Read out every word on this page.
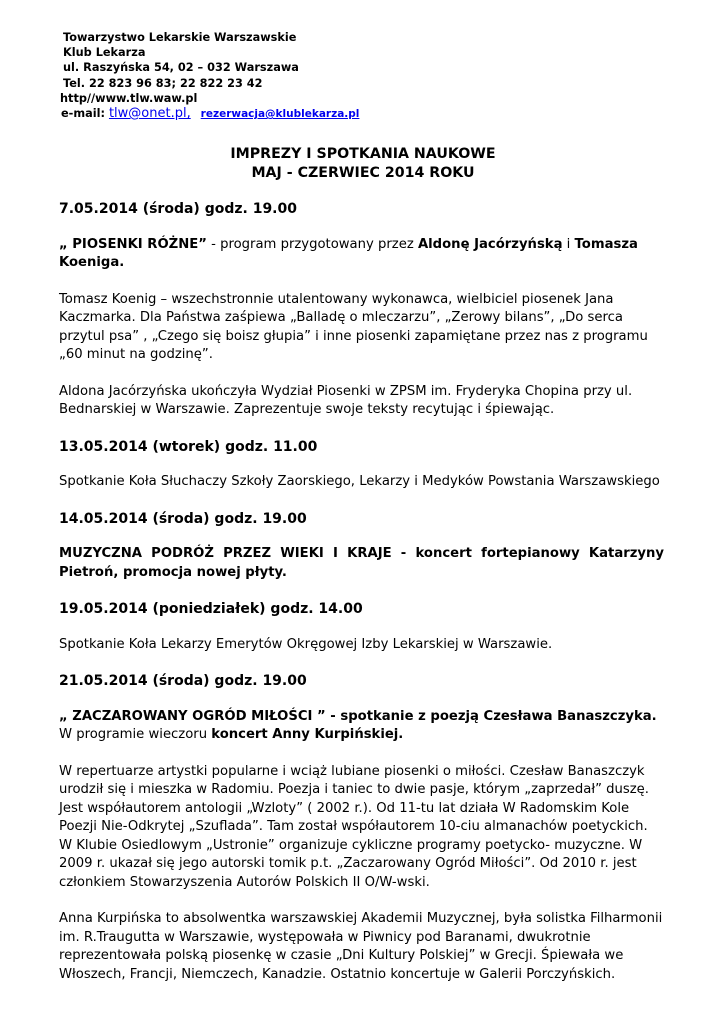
Towarzystwo Lekarskie Warszawskie
Klub Lekarza
ul. Raszyńska 54, 02 – 032 Warszawa
Tel. 22 823 96 83; 22 822 23 42
http//www.tlw.waw.pl
e-mail: tlw@onet.pl, rezerwacja@klublekarza.pl
IMPREZY I SPOTKANIA NAUKOWE
MAJ - CZERWIEC 2014 ROKU

7.05.2014 (środa) godz. 19.00

„ PIOSENKI RÓŻNE” - program przygotowany przez Aldonę Jacórzyńską i Tomasza Koeniga.

Tomasz Koenig – wszechstronnie utalentowany wykonawca, wielbiciel piosenek Jana Kaczmarka. Dla Państwa zaśpiewa „Balladę o mleczarzu”, „Zerowy bilans”, „Do serca przytul psa” , „Czego się boisz głupia” i inne piosenki zapamiętane przez nas z programu „60 minut na godzinę”.

Aldona Jacórzyńska ukończyła Wydział Piosenki w ZPSM im. Fryderyka Chopina przy ul. Bednarskiej w Warszawie. Zaprezentuje swoje teksty recytując i śpiewając.

13.05.2014 (wtorek) godz. 11.00

Spotkanie Koła Słuchaczy Szkoły Zaorskiego, Lekarzy i Medyków Powstania Warszawskiego

14.05.2014 (środa) godz. 19.00

MUZYCZNA PODRÓŻ PRZEZ WIEKI I KRAJE - koncert fortepianowy Katarzyny Pietroń, promocja nowej płyty.

19.05.2014 (poniedziałek) godz. 14.00

Spotkanie Koła Lekarzy Emerytów Okręgowej Izby Lekarskiej w Warszawie.

21.05.2014 (środa) godz. 19.00

„ ZACZAROWANY OGRÓD MIŁOŚCI ” - spotkanie z poezją Czesława Banaszczyka.
W programie wieczoru koncert Anny Kurpińskiej.

W repertuarze artystki popularne i wciąż lubiane piosenki o miłości. Czesław Banaszczyk urodził się i mieszka w Radomiu. Poezja i taniec to dwie pasje, którym „zaprzedał” duszę. Jest współautorem antologii „Wzloty” ( 2002 r.). Od 11-tu lat działa W Radomskim Kole Poezji Nie-Odkrytej „Szuflada”. Tam został współautorem 10-ciu almanachów poetyckich. W Klubie Osiedlowym „Ustronie” organizuje cykliczne programy poetycko- muzyczne. W 2009 r. ukazał się jego autorski tomik p.t. „Zaczarowany Ogród Miłości”. Od 2010 r. jest członkiem Stowarzyszenia Autorów Polskich II O/W-wski.

Anna Kurpińska to absolwentka warszawskiej Akademii Muzycznej, była solistka Filharmonii im. R.Traugutta w Warszawie, występowała w Piwnicy pod Baranami, dwukrotnie reprezentowała polską piosenkę w czasie „Dni Kultury Polskiej” w Grecji. Śpiewała we Włoszech, Francji, Niemczech, Kanadzie. Ostatnio koncertuje w Galerii Porczyńskich.
